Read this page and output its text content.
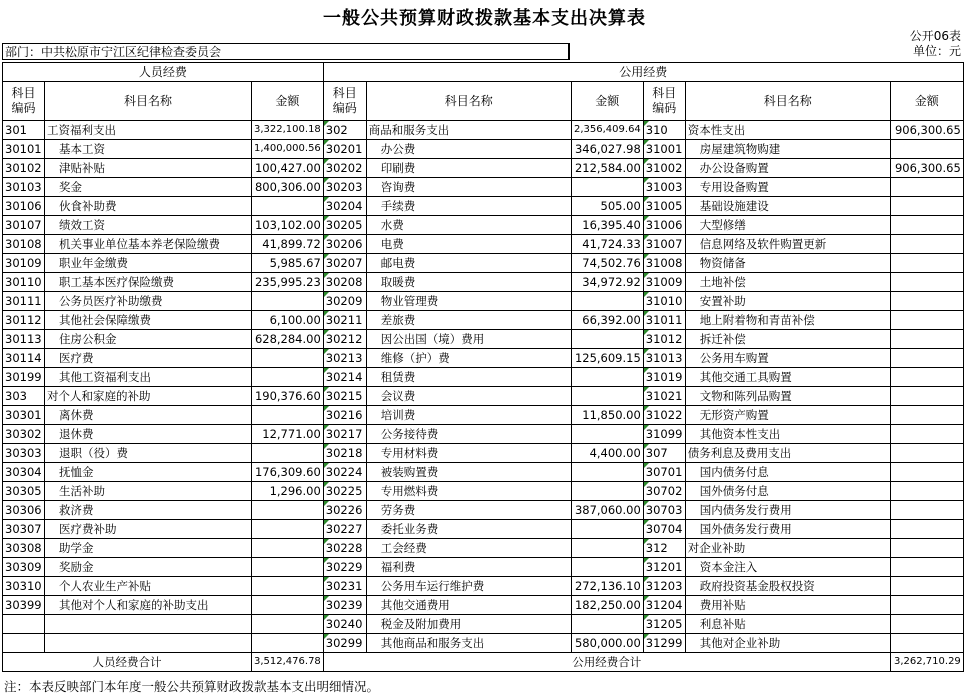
一般公共预算财政拨款基本支出决算表
公开06表
单位：元
部门：中共松原市宁江区纪律检查委员会
人员经费			公用经费					
科目
编码	科目名称	金额	科目
编码	科目名称	金额	科目
编码	科目名称	金额
301	工资福利支出	3,322,100.18	302	商品和服务支出	2,356,409.64	310	资本性支出	906,300.65
30101	基本工资	1,400,000.56	30201	办公费	346,027.98	31001	房屋建筑物购建	
30102	津贴补贴	100,427.00	30202	印刷费	212,584.00	31002	办公设备购置	906,300.65
30103	奖金	800,306.00	30203	咨询费		31003	专用设备购置	
30106	伙食补助费		30204	手续费	505.00	31005	基础设施建设	
30107	绩效工资	103,102.00	30205	水费	16,395.40	31006	大型修缮	
30108	机关事业单位基本养老保险缴费	41,899.72	30206	电费	41,724.33	31007	信息网络及软件购置更新	
30109	职业年金缴费	5,985.67	30207	邮电费	74,502.76	31008	物资储备	
30110	职工基本医疗保险缴费	235,995.23	30208	取暖费	34,972.92	31009	土地补偿	
30111	公务员医疗补助缴费		30209	物业管理费		31010	安置补助	
30112	其他社会保障缴费	6,100.00	30211	差旅费	66,392.00	31011	地上附着物和青苗补偿	
30113	住房公积金	628,284.00	30212	因公出国（境）费用		31012	拆迁补偿	
30114	医疗费		30213	维修（护）费	125,609.15	31013	公务用车购置	
30199	其他工资福利支出		30214	租赁费		31019	其他交通工具购置	
303	对个人和家庭的补助	190,376.60	30215	会议费		31021	文物和陈列品购置	
30301	离休费		30216	培训费	11,850.00	31022	无形资产购置	
30302	退休费	12,771.00	30217	公务接待费		31099	其他资本性支出	
30303	退职（役）费		30218	专用材料费	4,400.00	307	债务利息及费用支出	
30304	抚恤金	176,309.60	30224	被装购置费		30701	国内债务付息	
30305	生活补助	1,296.00	30225	专用燃料费		30702	国外债务付息	
30306	救济费		30226	劳务费	387,060.00	30703	国内债务发行费用	
30307	医疗费补助		30227	委托业务费		30704	国外债务发行费用	
30308	助学金		30228	工会经费		312	对企业补助	
30309	奖励金		30229	福利费		31201	资本金注入	
30310	个人农业生产补贴		30231	公务用车运行维护费	272,136.10	31203	政府投资基金股权投资	
30399	其他对个人和家庭的补助支出		30239	其他交通费用	182,250.00	31204	费用补贴	
			30240	税金及附加费用		31205	利息补贴	
			30299	其他商品和服务支出	580,000.00	31299	其他对企业补助	
人员经费合计		3,512,476.78	公用经费合计					3,262,710.29
注：本表反映部门本年度一般公共预算财政拨款基本支出明细情况。
